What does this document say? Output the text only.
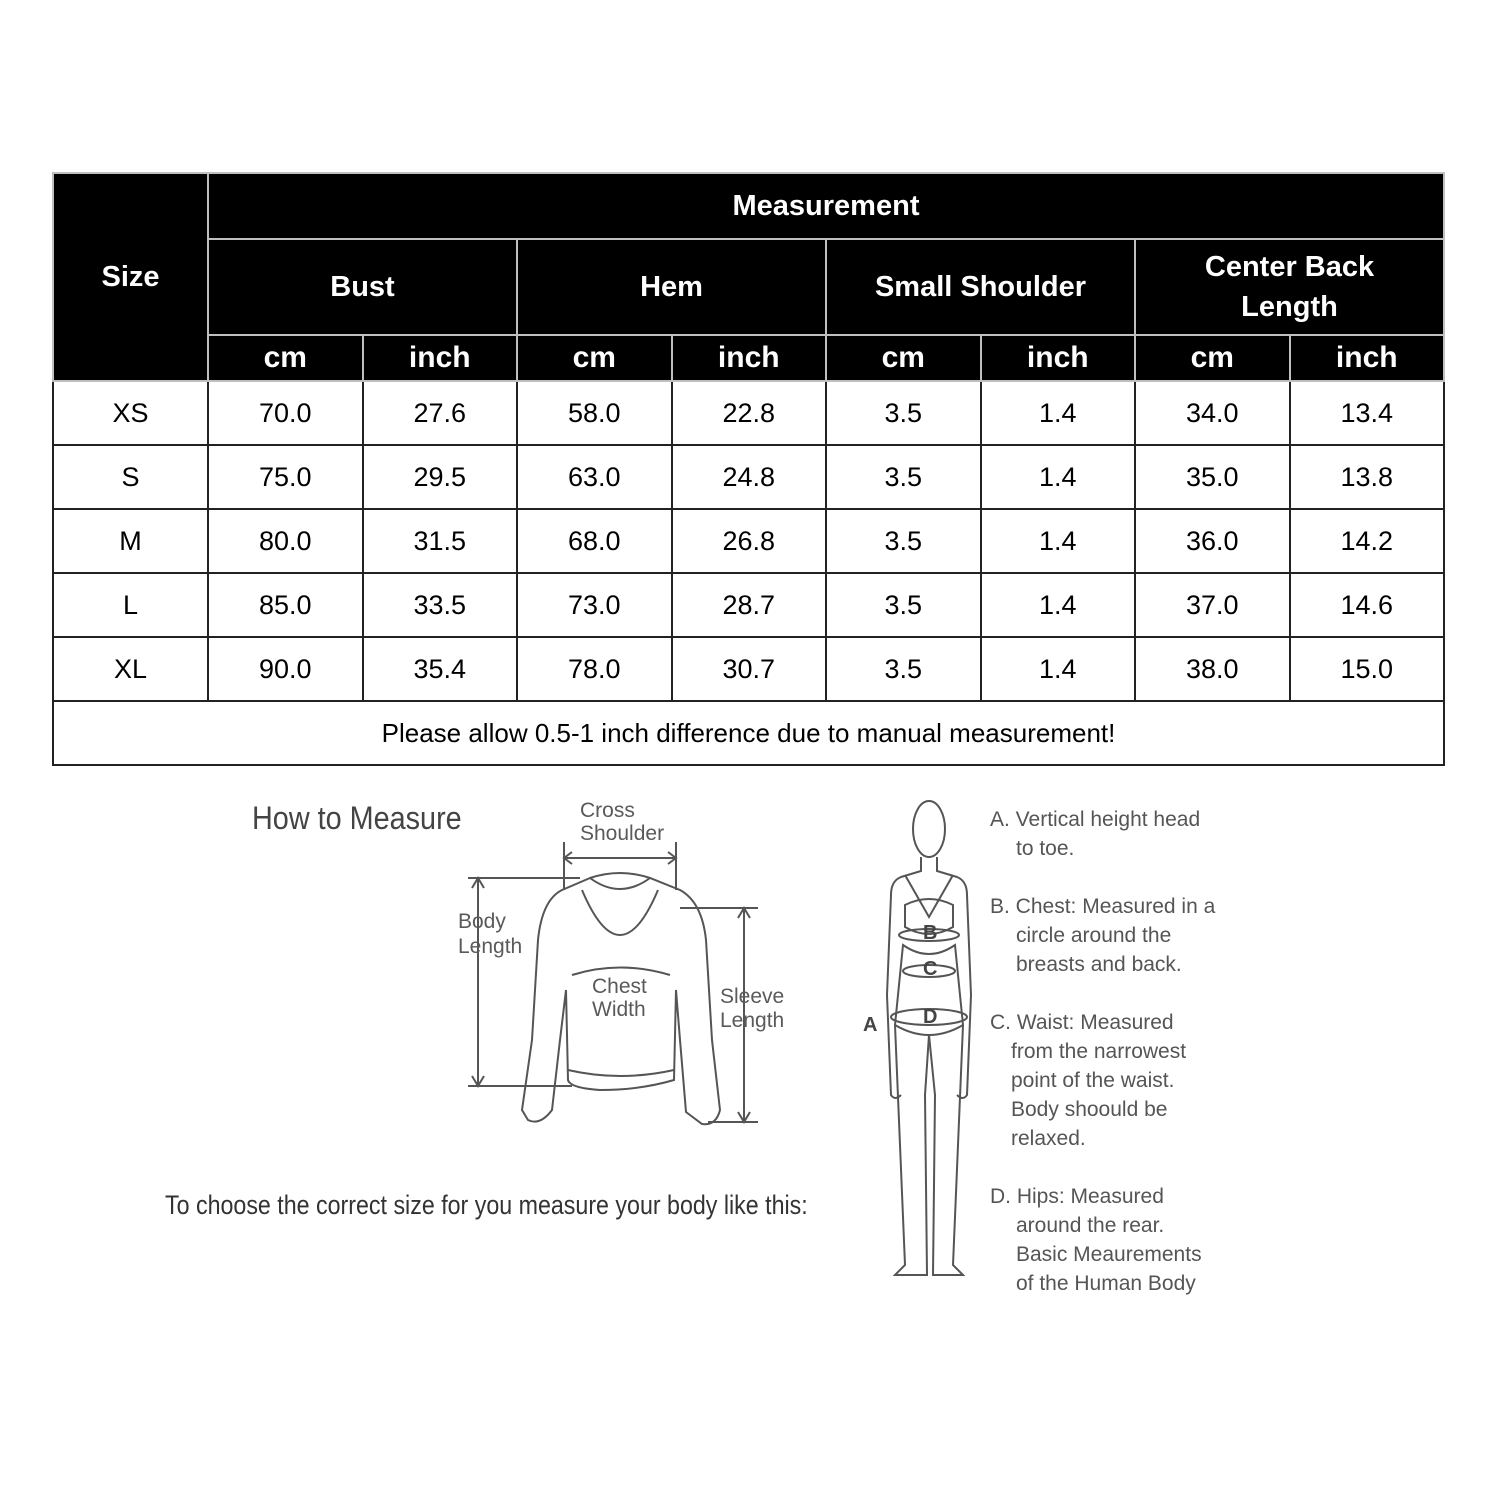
Size	Measurement							
	Bust		Hem		Small Shoulder		Center Back Length	
	cm	inch	cm	inch	cm	inch	cm	inch
XS	70.0	27.6	58.0	22.8	3.5	1.4	34.0	13.4
S	75.0	29.5	63.0	24.8	3.5	1.4	35.0	13.8
M	80.0	31.5	68.0	26.8	3.5	1.4	36.0	14.2
L	85.0	33.5	73.0	28.7	3.5	1.4	37.0	14.6
XL	90.0	35.4	78.0	30.7	3.5	1.4	38.0	15.0
Please allow 0.5-1 inch difference due to manual measurement!								
How to Measure
To choose the correct size for you measure your body like this:
Cross
Shoulder
Body
Length
Chest
Width
Sleeve
Length
B
C
D
A

A. Vertical height head
to toe.

B. Chest: Measured in a
circle around the
breasts and back.

C. Waist: Measured
from the narrowest
point of the waist.
Body shoould be
relaxed.

D. Hips: Measured
around the rear.
Basic Meaurements
of the Human Body
